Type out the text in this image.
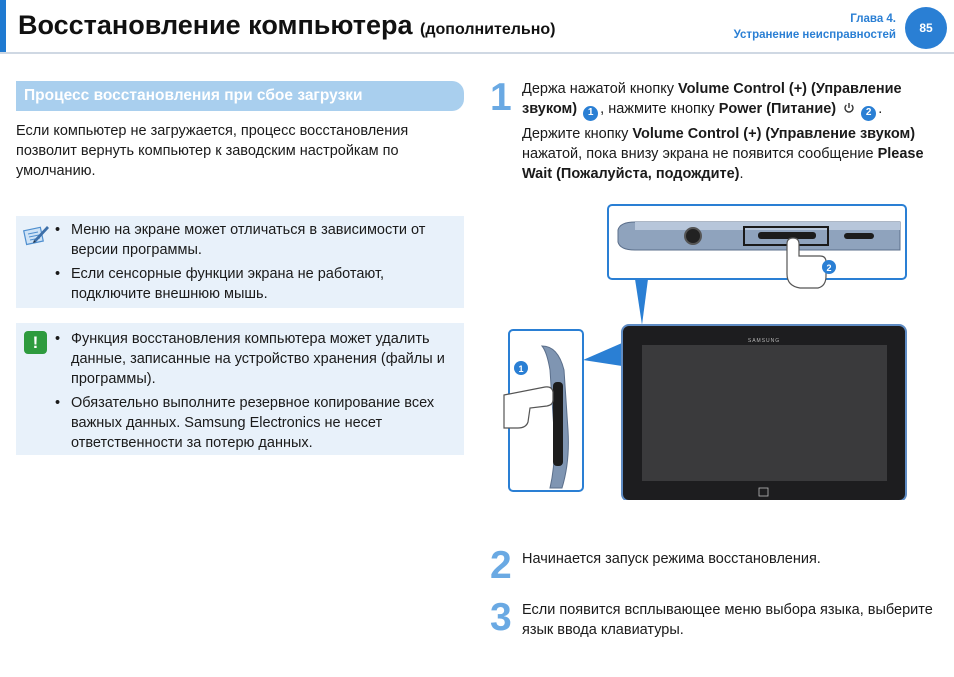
Восстановление компьютера (дополнительно)
Глава 4.
Устранение неисправностей	85
Процесс восстановления при сбое загрузки
Если компьютер не загружается, процесс восстановления позволит вернуть компьютер к заводским настройкам по умолчанию.
• Меню на экране может отличаться в зависимости от версии программы.
• Если сенсорные функции экрана не работают, подключите внешнюю мышь.
!
•	Функция восстановления компьютера может удалить данные, записанные на устройство хранения (файлы и программы).
• Обязательно выполните резервное копирование всех важных данных. Samsung Electronics не несет ответственности за потерю данных.
1 Держа нажатой кнопку Volume Control (+) (Управление звуком) 1 , нажмите кнопку Power (Питание)	2 .
Держите кнопку Volume Control (+) (Управление звуком) нажатой, пока внизу экрана не появится сообщение Please Wait (Пожалуйста, подождите).
2
1
SAMSUNG
2 Начинается запуск режима восстановления.
3 Если появится всплывающее меню выбора языка, выберите язык ввода клавиатуры.
